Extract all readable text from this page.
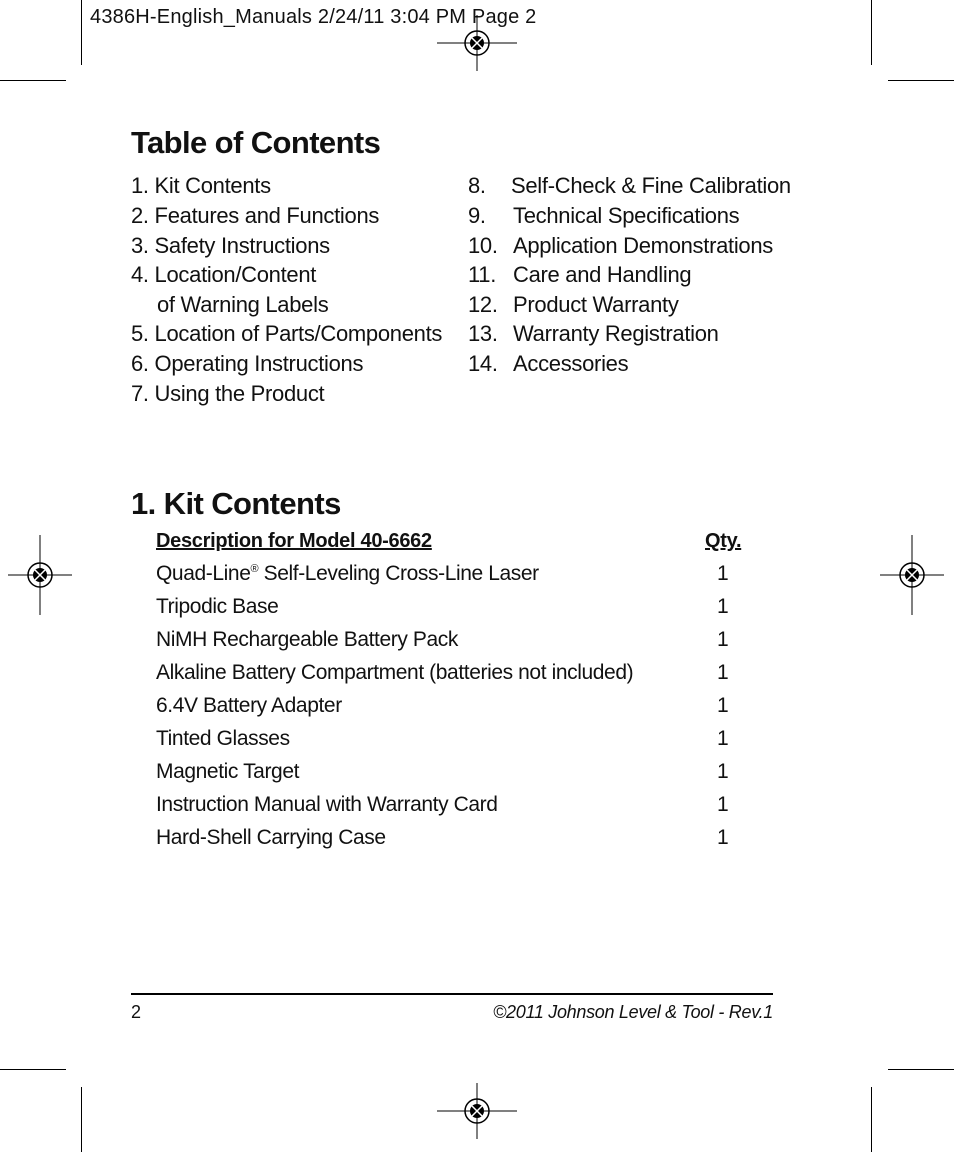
4386H-English_Manuals 2/24/11 3:04 PM Page 2
Table of Contents
1. Kit Contents
2. Features and Functions
3. Safety Instructions
4. Location/Content
of Warning Labels
5. Location of Parts/Components
6. Operating Instructions
7. Using the Product
8. Self-Check & Fine Calibration
9. Technical Specifications
10. Application Demonstrations
11. Care and Handling
12. Product Warranty
13. Warranty Registration
14. Accessories
1. Kit Contents
Description for Model 40-6662	Qty.
Quad-Line® Self-Leveling Cross-Line Laser	1
Tripodic Base	1
NiMH Rechargeable Battery Pack	1
Alkaline Battery Compartment (batteries not included)	1
6.4V Battery Adapter	1
Tinted Glasses	1
Magnetic Target	1
Instruction Manual with Warranty Card	1
Hard-Shell Carrying Case	1
2	©2011 Johnson Level & Tool - Rev.1
